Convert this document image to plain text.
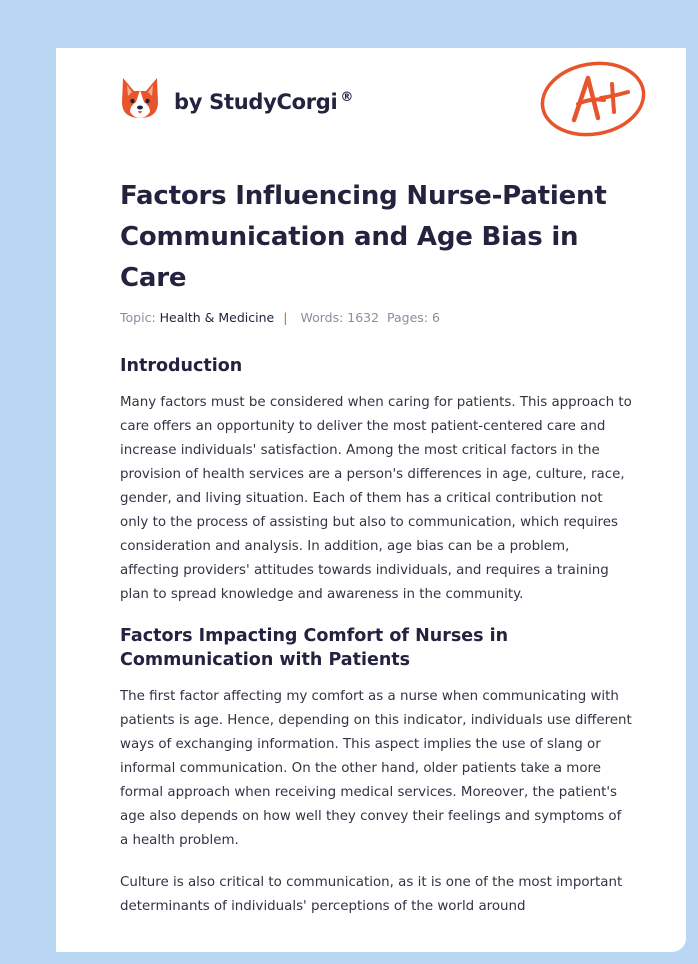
by StudyCorgi ®
Factors Influencing Nurse-Patient Communication and Age Bias in Care
Topic: Health & Medicine | Words: 1632 Pages: 6
Introduction

Many factors must be considered when caring for patients. This approach to care offers an opportunity to deliver the most patient-centered care and increase individuals' satisfaction. Among the most critical factors in the provision of health services are a person's differences in age, culture, race, gender, and living situation. Each of them has a critical contribution not only to the process of assisting but also to communication, which requires consideration and analysis. In addition, age bias can be a problem, affecting providers' attitudes towards individuals, and requires a training plan to spread knowledge and awareness in the community.

Factors Impacting Comfort of Nurses in Communication with Patients

The first factor affecting my comfort as a nurse when communicating with patients is age. Hence, depending on this indicator, individuals use different ways of exchanging information. This aspect implies the use of slang or informal communication. On the other hand, older patients take a more formal approach when receiving medical services. Moreover, the patient's age also depends on how well they convey their feelings and symptoms of a health problem.

Culture is also critical to communication, as it is one of the most important determinants of individuals' perceptions of the world around
